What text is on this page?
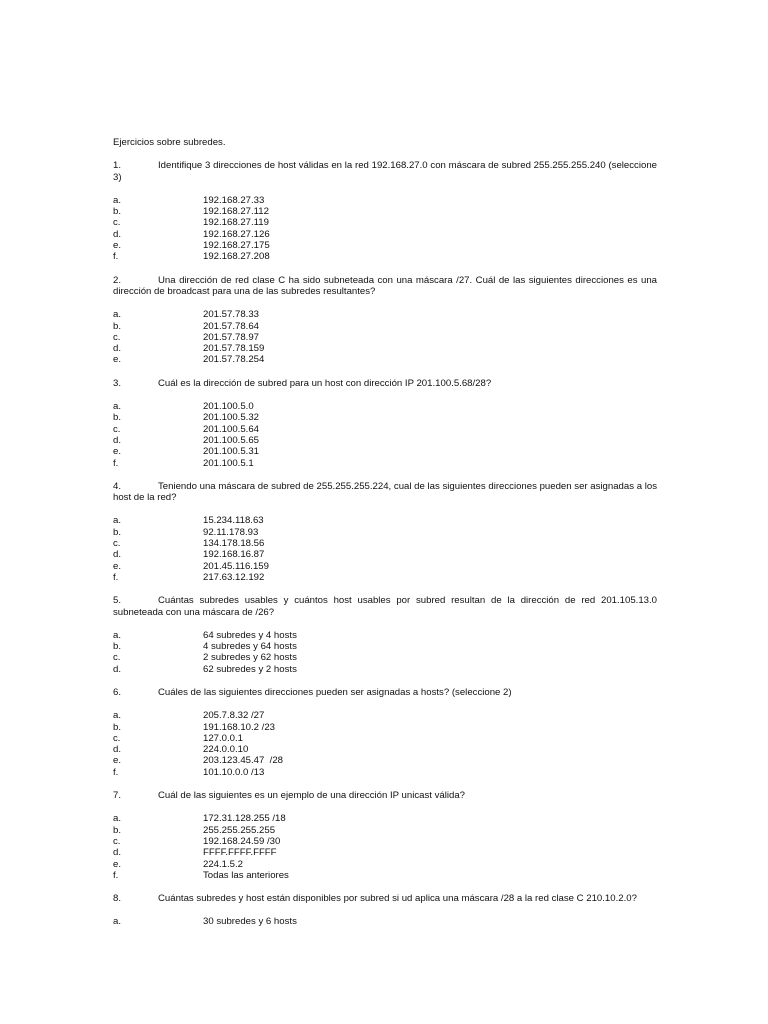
Ejercicios sobre subredes.
1.	Identifique 3 direcciones de host válidas en la red 192.168.27.0 con máscara de subred 255.255.255.240 (seleccione 3)
a.	192.168.27.33
b.	192.168.27.112
c.	192.168.27.119
d.	192.168.27.126
e.	192.168.27.175
f.	192.168.27.208
2.	Una dirección de red clase C ha sido subneteada con una máscara /27. Cuál de las siguientes direcciones es una dirección de broadcast para una de las subredes resultantes?
a.	201.57.78.33
b.	201.57.78.64
c.	201.57.78.97
d.	201.57.78.159
e.	201.57.78.254
3.	Cuál es la dirección de subred para un host con dirección IP 201.100.5.68/28?
a.	201.100.5.0
b.	201.100.5.32
c.	201.100.5.64
d.	201.100.5.65
e.	201.100.5.31
f.	201.100.5.1
4.	Teniendo una máscara de subred de 255.255.255.224, cual de las siguientes direcciones pueden ser asignadas a los host de la red?
a.	15.234.118.63
b.	92.11.178.93
c.	134.178.18.56
d.	192.168.16.87
e.	201.45.116.159
f.	217.63.12.192
5.	Cuántas subredes usables y cuántos host usables por subred resultan de la dirección de red 201.105.13.0 subneteada con una máscara de /26?
a.	64 subredes y 4 hosts
b.	4 subredes y 64 hosts
c.	2 subredes y 62 hosts
d.	62 subredes y 2 hosts
6.	Cuáles de las siguientes direcciones pueden ser asignadas a hosts? (seleccione 2)
a.	205.7.8.32 /27
b.	191.168.10.2 /23
c.	127.0.0.1
d.	224.0.0.10
e.	203.123.45.47  /28
f.	101.10.0.0 /13
7.	Cuál de las siguientes es un ejemplo de una dirección IP unicast válida?
a.	172.31.128.255 /18
b.	255.255.255.255
c.	192.168.24.59 /30
d.	FFFF.FFFF.FFFF
e.	224.1.5.2
f.	Todas las anteriores
8.	Cuántas subredes y host están disponibles por subred si ud aplica una máscara /28 a la red clase C 210.10.2.0?
a.	30 subredes y 6 hosts
